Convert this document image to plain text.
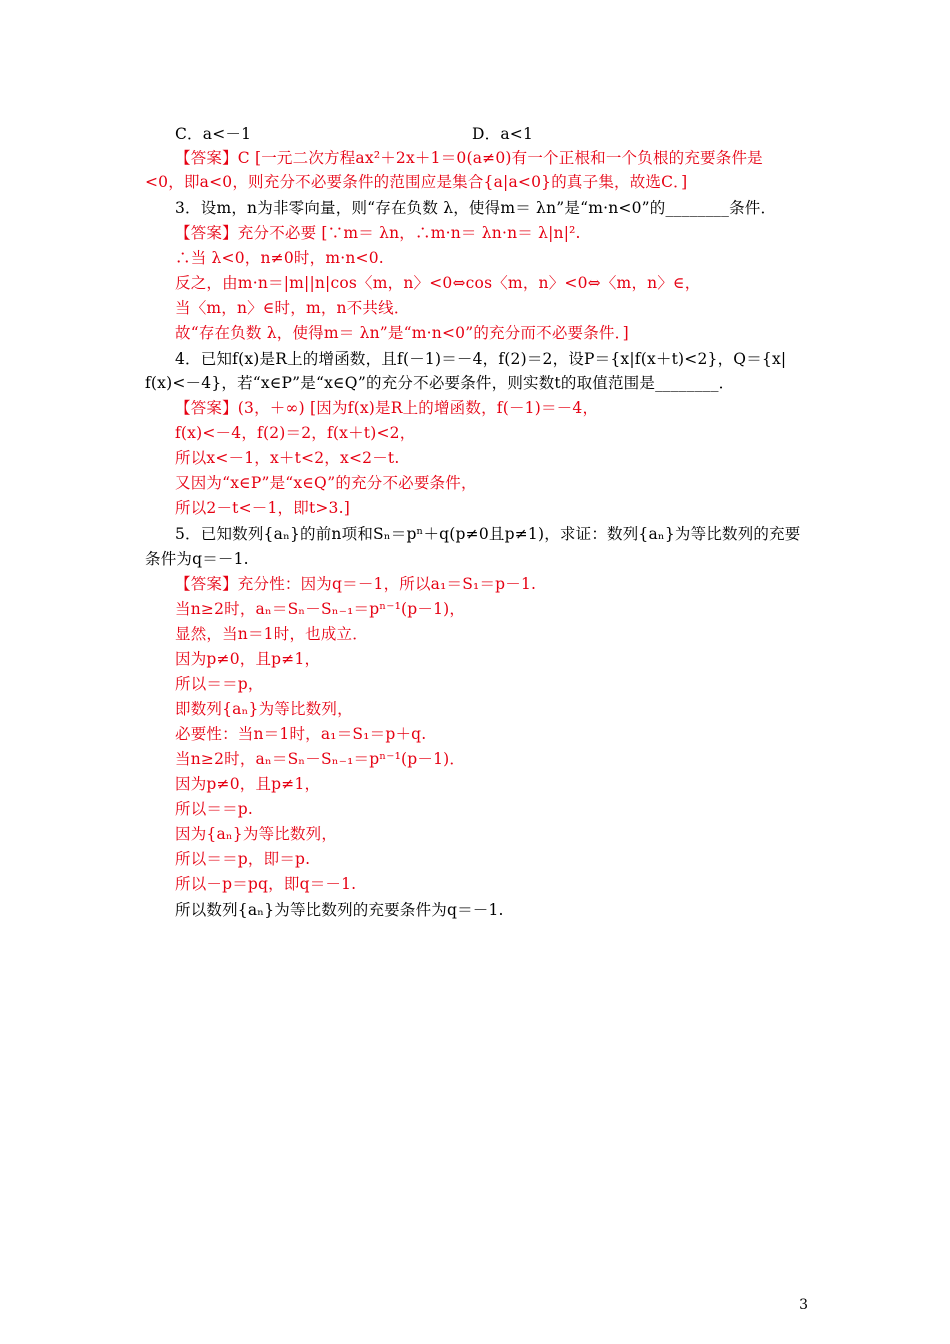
C．a<－1	D．a<1
【答案】C [一元二次方程ax²＋2x＋1＝0(a≠0)有一个正根和一个负根的充要条件是
<0，即a<0，则充分不必要条件的范围应是集合{a|a<0}的真子集，故选C．]
3．设m，n为非零向量，则“存在负数 λ，使得m＝ λn”是“m·n<0”的________条件．
【答案】充分不必要 [∵m＝ λn，∴m·n＝ λn·n＝ λ|n|².
∴当 λ<0，n≠0时，m·n<0.
反之，由m·n＝|m||n|cos〈m，n〉<0⇔cos〈m，n〉<0⇔〈m，n〉∈，
当〈m，n〉∈时，m，n不共线．
故“存在负数 λ，使得m＝ λn”是“m·n<0”的充分而不必要条件．]
4．已知f(x)是R上的增函数，且f(－1)＝－4，f(2)＝2，设P＝{x|f(x＋t)<2}，Q＝{x|
f(x)<－4}，若“x∈P”是“x∈Q”的充分不必要条件，则实数t的取值范围是________．
【答案】(3，＋∞) [因为f(x)是R上的增函数，f(－1)＝－4，
f(x)<－4，f(2)＝2，f(x＋t)<2，
所以x<－1，x＋t<2，x<2－t.
又因为“x∈P”是“x∈Q”的充分不必要条件，
所以2－t<－1，即t>3.]
5．已知数列{aₙ}的前n项和Sₙ＝pⁿ＋q(p≠0且p≠1)，求证：数列{aₙ}为等比数列的充要
条件为q＝－1.
【答案】充分性：因为q＝－1，所以a₁＝S₁＝p－1.
当n≥2时，aₙ＝Sₙ－Sₙ₋₁＝pⁿ⁻¹(p－1)，
显然，当n＝1时，也成立．
因为p≠0，且p≠1，
所以＝＝p，
即数列{aₙ}为等比数列，
必要性：当n＝1时，a₁＝S₁＝p＋q.
当n≥2时，aₙ＝Sₙ－Sₙ₋₁＝pⁿ⁻¹(p－1)．
因为p≠0，且p≠1，
所以＝＝p.
因为{aₙ}为等比数列，
所以＝＝p，即＝p.
所以－p＝pq，即q＝－1.
所以数列{aₙ}为等比数列的充要条件为q＝－1.
3
